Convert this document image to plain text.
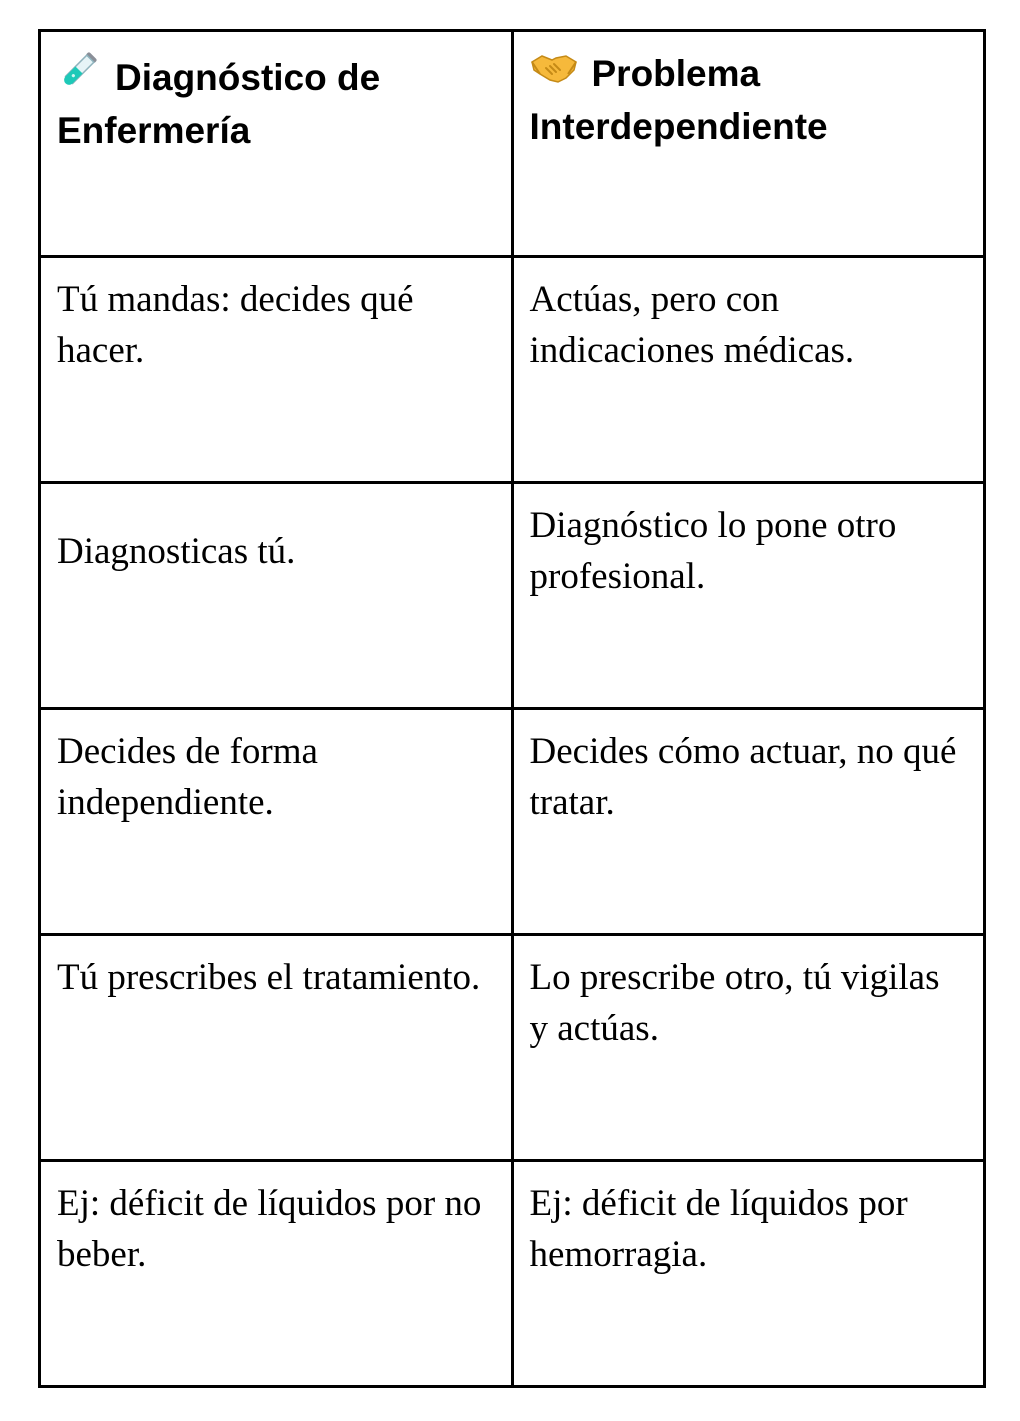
Diagnóstico de Enfermería	Problema Interdependiente
Tú mandas: decides qué hacer.	Actúas, pero con indicaciones médicas.
Diagnosticas tú.	Diagnóstico lo pone otro profesional.
Decides de forma independiente.	Decides cómo actuar, no qué tratar.
Tú prescribes el tratamiento.	Lo prescribe otro, tú vigilas y actúas.
Ej: déficit de líquidos por no beber.	Ej: déficit de líquidos por hemorragia.
